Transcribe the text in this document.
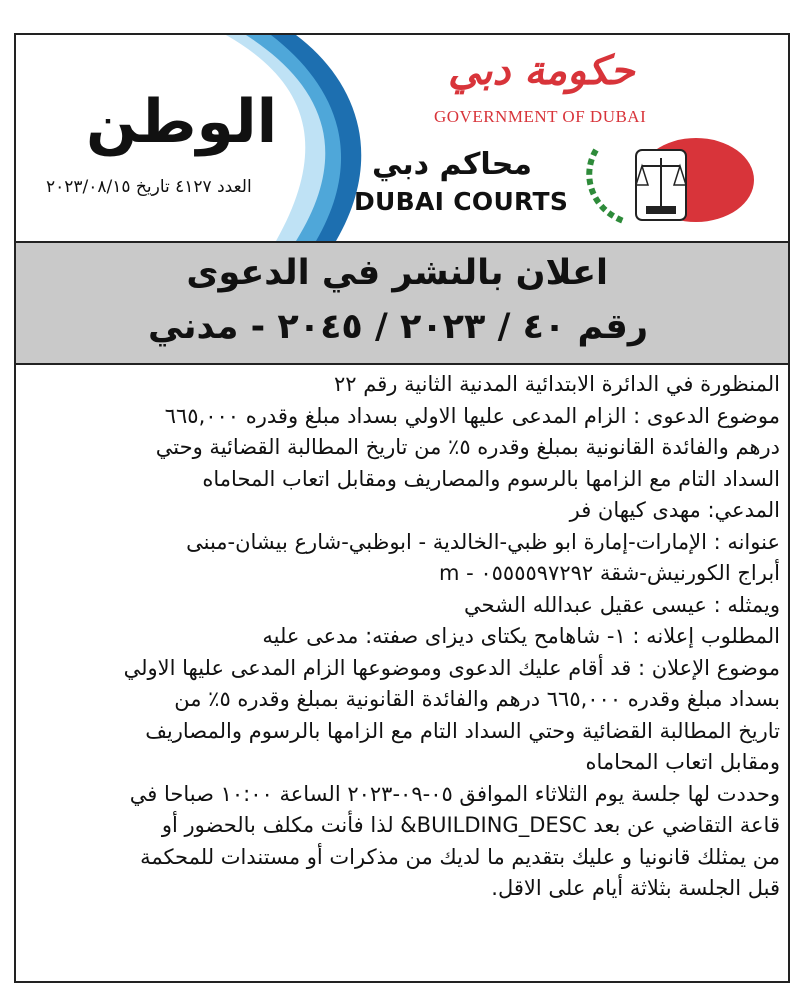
الوطن
العدد ٤١٢٧ تاريخ ٢٠٢٣/٠٨/١٥
حكومة دبي
GOVERNMENT OF DUBAI
محاكم دبي
DUBAI COURTS
اعلان بالنشر في الدعوى
رقم ٤٠ / ٢٠٢٣ / ٢٠٤٥ - مدني

المنظورة في الدائرة الابتدائية المدنية الثانية رقم ٢٢

موضوع الدعوى : الزام المدعى عليها الاولي بسداد مبلغ وقدره ٦٦٥,٠٠٠

درهم والفائدة القانونية بمبلغ وقدره ٥٪ من تاريخ المطالبة القضائية وحتي

السداد التام مع الزامها بالرسوم والمصاريف ومقابل اتعاب المحاماه

المدعي: مهدى كيهان فر

عنوانه : الإمارات-إمارة ابو ظبي-الخالدية - ابوظبي-شارع بيشان-مبنى

أبراج الكورنيش-شقة ٠٥٥٥٥٩٧٢٩٢ - m

ويمثله : عيسى عقيل عبدالله الشحي

المطلوب إعلانه : ١- شاهامح يكتاى ديزاى صفته: مدعى عليه

موضوع الإعلان : قد أقام عليك الدعوى وموضوعها الزام المدعى عليها الاولي

بسداد مبلغ وقدره ٦٦٥,٠٠٠ درهم والفائدة القانونية بمبلغ وقدره ٥٪ من

تاريخ المطالبة القضائية وحتي السداد التام مع الزامها بالرسوم والمصاريف

ومقابل اتعاب المحاماه

وحددت لها جلسة يوم الثلاثاء الموافق ٠٥-٠٩-٢٠٢٣ الساعة ١٠:٠٠ صباحا في

قاعة التقاضي عن بعد BUILDING_DESC& لذا فأنت مكلف بالحضور أو

من يمثلك قانونيا و عليك بتقديم ما لديك من مذكرات أو مستندات للمحكمة

قبل الجلسة بثلاثة أيام على الاقل.
